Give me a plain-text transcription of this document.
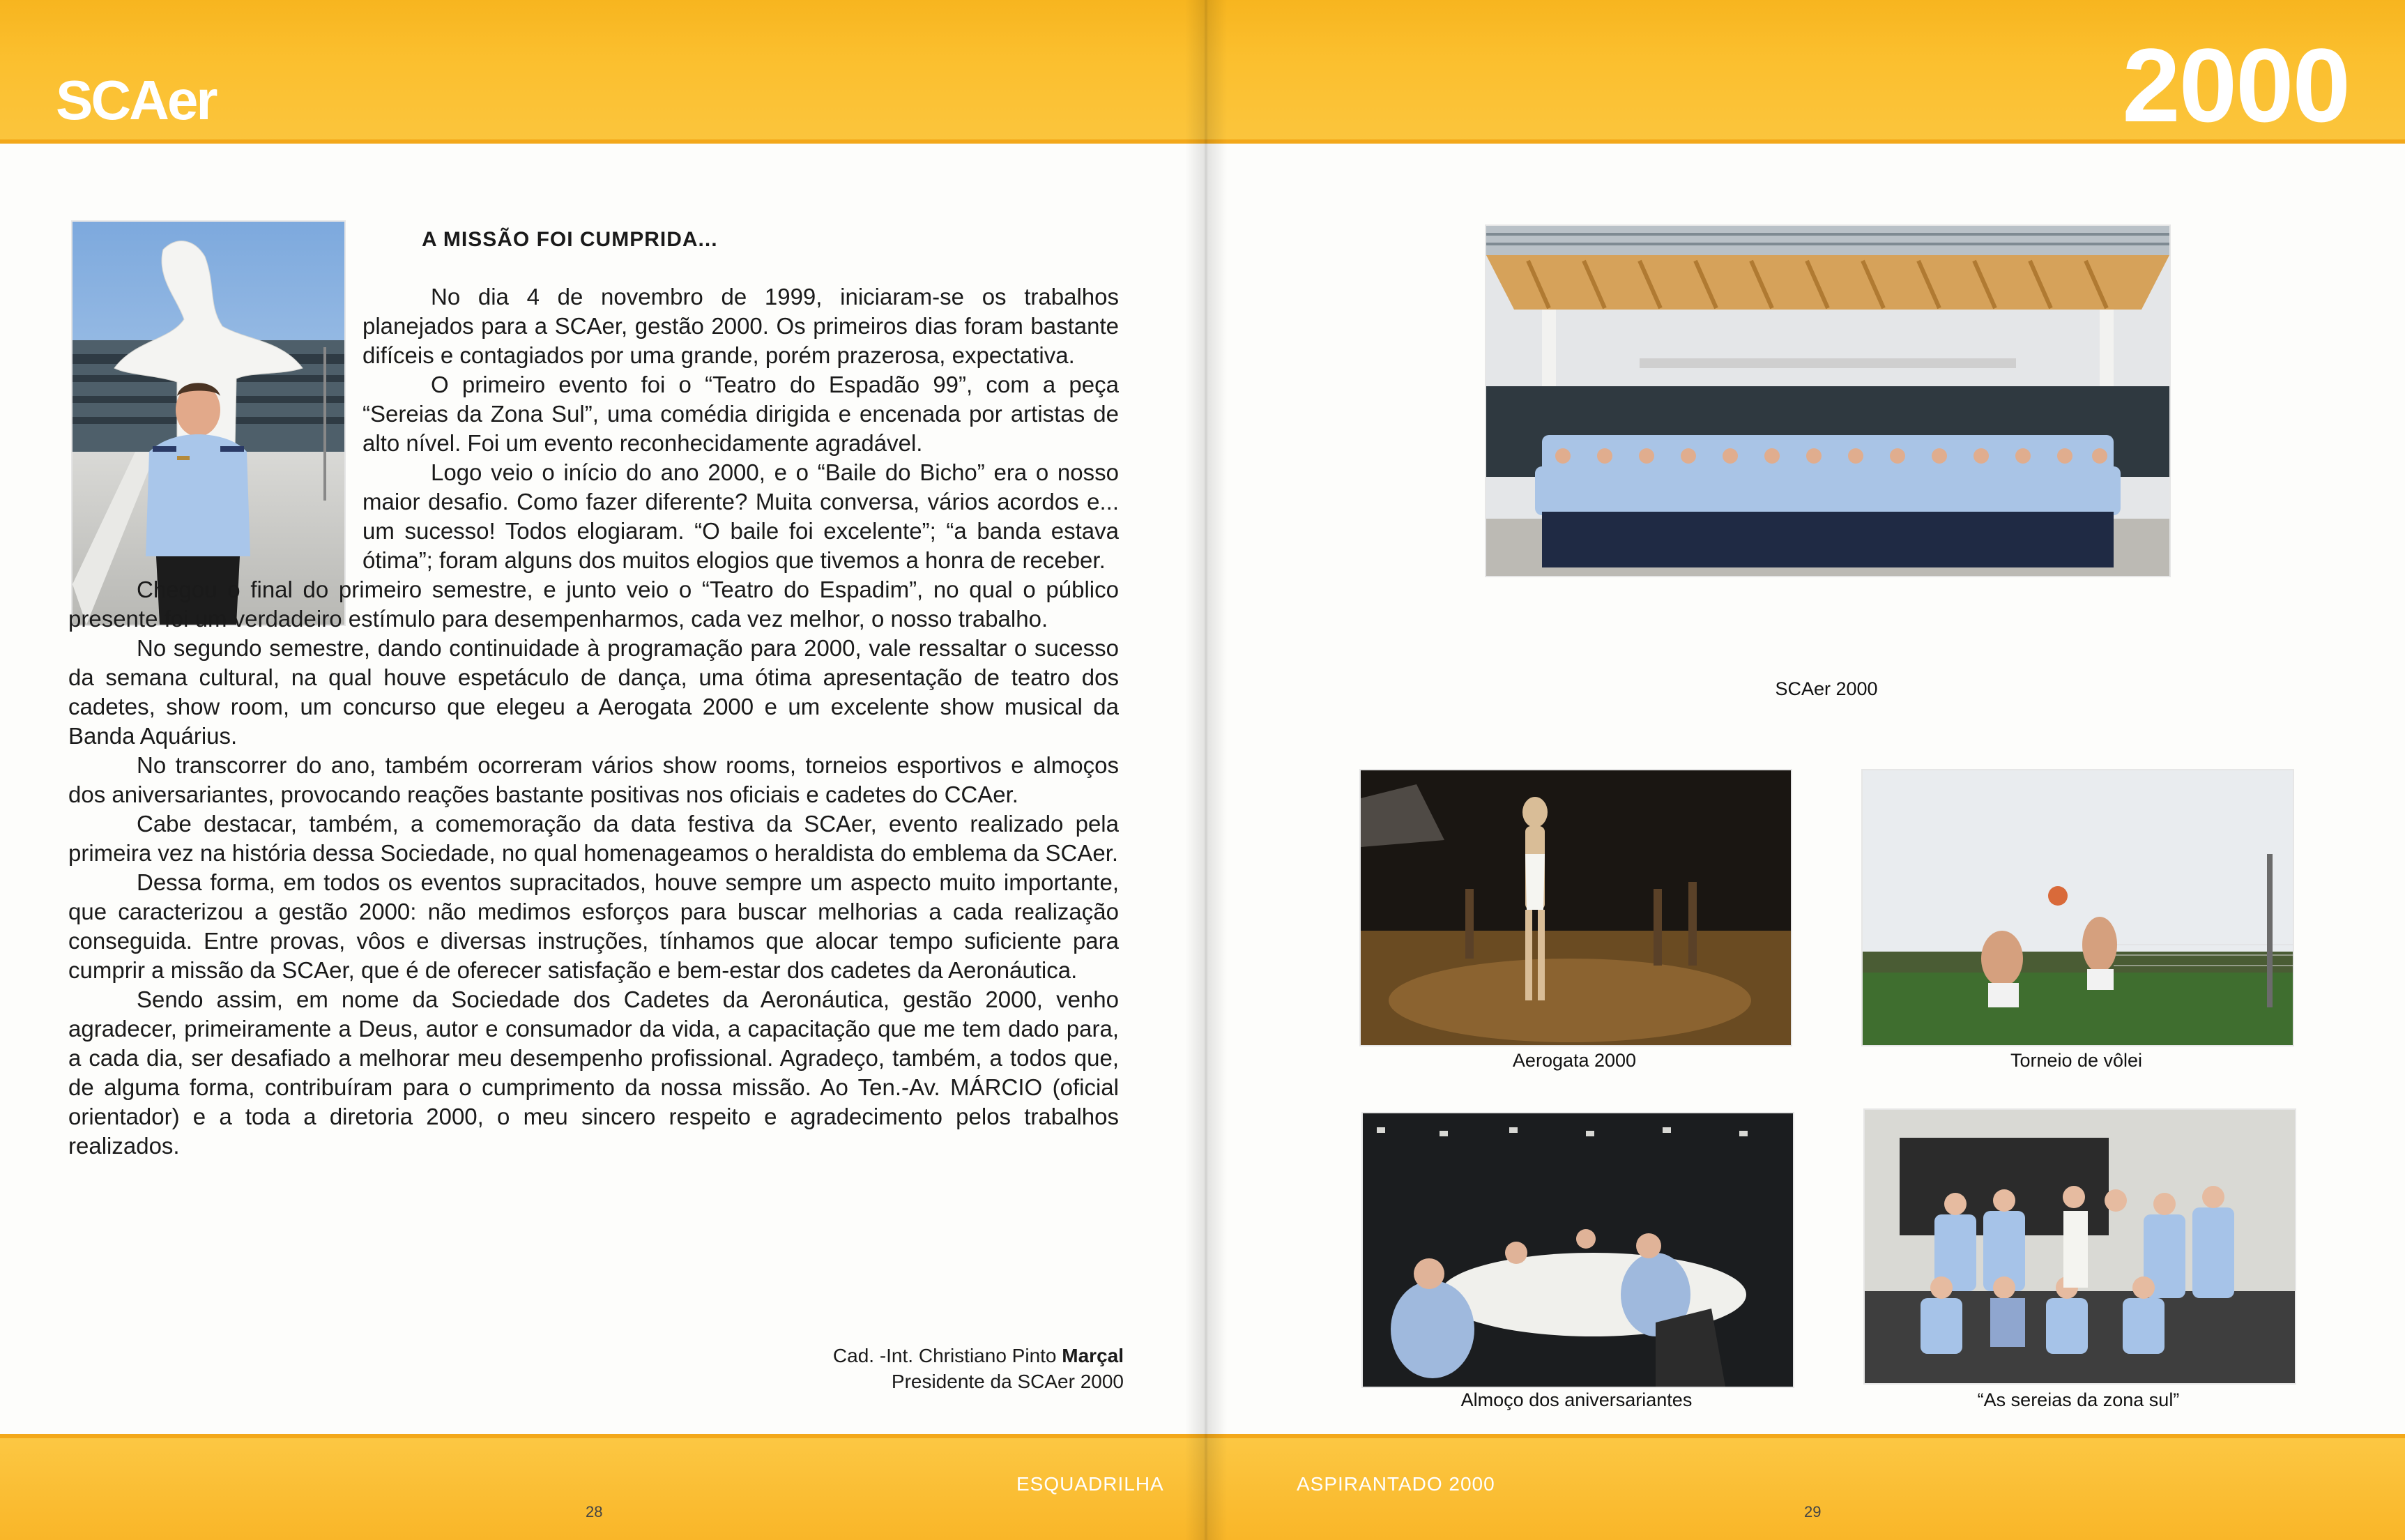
SCAer
A MISSÃO FOI CUMPRIDA...

No dia 4 de novembro de 1999, iniciaram-se os trabalhos planejados para a SCAer, gestão 2000. Os primeiros dias foram bastante difíceis e contagiados por uma grande, porém prazerosa, expectativa.

O primeiro evento foi o “Teatro do Espadão 99”, com a peça “Sereias da Zona Sul”, uma comédia dirigida e encenada por artistas de alto nível. Foi um evento reconhecidamente agradável.

Logo veio o início do ano 2000, e o “Baile do Bicho” era o nosso maior desafio. Como fazer diferente? Muita conversa, vários acordos e... um sucesso! Todos elogiaram. “O baile foi excelente”; “a banda estava ótima”; foram alguns dos muitos elogios que tivemos a honra de receber.

Chegou o final do primeiro semestre, e junto veio o “Teatro do Espadim”, no qual o público presente foi um verdadeiro estímulo para desempenharmos, cada vez melhor, o nosso trabalho.

No segundo semestre, dando continuidade à programação para 2000, vale ressaltar o sucesso da semana cultural, na qual houve espetáculo de dança, uma ótima apresentação de teatro dos cadetes, show room, um concurso que elegeu a Aerogata 2000 e um excelente show musical da Banda Aquárius.

No transcorrer do ano, também ocorreram vários show rooms, torneios esportivos e almoços dos aniversariantes, provocando reações bastante positivas nos oficiais e cadetes do CCAer.

Cabe destacar, também, a comemoração da data festiva da SCAer, evento realizado pela primeira vez na história dessa Sociedade, no qual homenageamos o heraldista do emblema da SCAer.

Dessa forma, em todos os eventos supracitados, houve sempre um aspecto muito importante, que caracterizou a gestão 2000: não medimos esforços para buscar melhorias a cada realização conseguida. Entre provas, vôos e diversas instruções, tínhamos que alocar tempo suficiente para cumprir a missão da SCAer, que é de oferecer satisfação e bem-estar dos cadetes da Aeronáutica.

Sendo assim, em nome da Sociedade dos Cadetes da Aeronáutica, gestão 2000, venho agradecer, primeiramente a Deus, autor e consumador da vida, a capacitação que me tem dado para, a cada dia, ser desafiado a melhorar meu desempenho profissional. Agradeço, também, a todos que, de alguma forma, contribuíram para o cumprimento da nossa missão. Ao Ten.-Av. MÁRCIO (oficial orientador) e a toda a diretoria 2000, o meu sincero respeito e agradecimento pelos trabalhos realizados.

Cad. -Int. Christiano Pinto Marçal
Presidente da SCAer 2000
ESQUADRILHA
28
2000
SCAer 2000
Aerogata 2000	Torneio de vôlei
Almoço dos aniversariantes	“As sereias da zona sul”
ASPIRANTADO 2000
29
